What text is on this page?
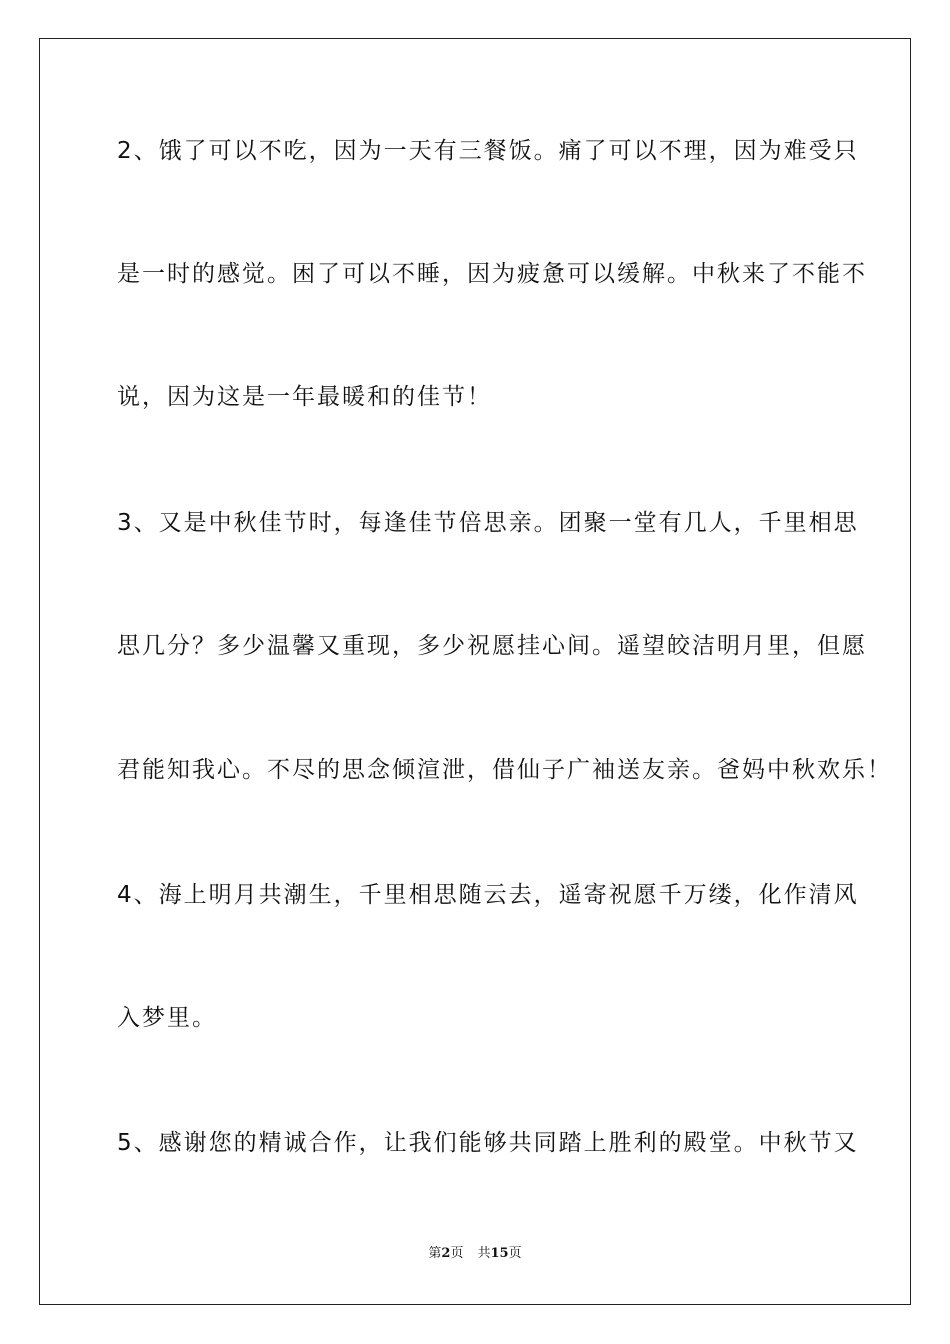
2、饿了可以不吃，因为一天有三餐饭。痛了可以不理，因为难受只
是一时的感觉。困了可以不睡，因为疲惫可以缓解。中秋来了不能不
说，因为这是一年最暖和的佳节！
3、又是中秋佳节时，每逢佳节倍思亲。团聚一堂有几人，千里相思
思几分？多少温馨又重现，多少祝愿挂心间。遥望皎洁明月里，但愿
君能知我心。不尽的思念倾渲泄，借仙子广袖送友亲。爸妈中秋欢乐！
4、海上明月共潮生，千里相思随云去，遥寄祝愿千万缕，化作清风
入梦里。
5、感谢您的精诚合作，让我们能够共同踏上胜利的殿堂。中秋节又
第2页 共15页
